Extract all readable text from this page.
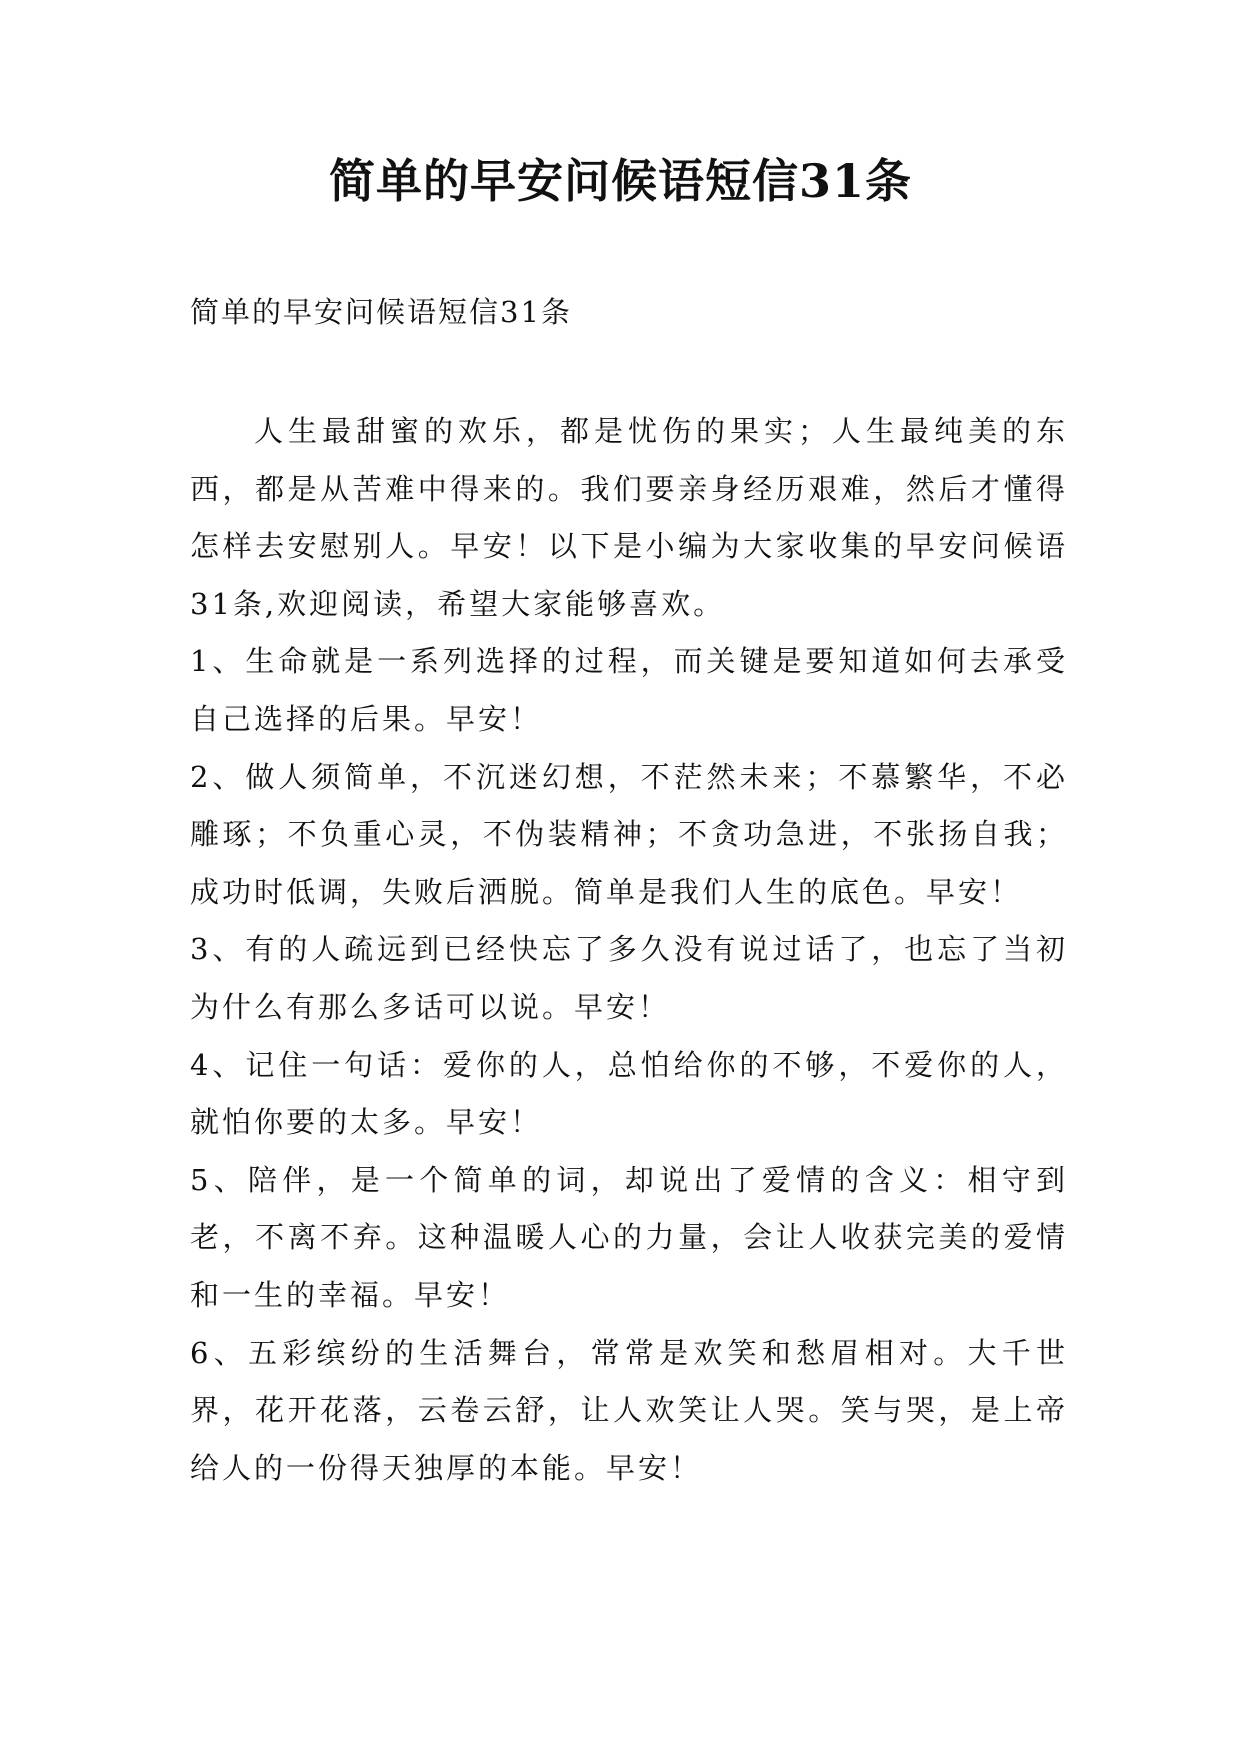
简单的早安问候语短信31条

简单的早安问候语短信31条

人生最甜蜜的欢乐，都是忧伤的果实；人生最纯美的东西，都是从苦难中得来的。我们要亲身经历艰难，然后才懂得怎样去安慰别人。早安！以下是小编为大家收集的早安问候语31条,欢迎阅读，希望大家能够喜欢。

1、生命就是一系列选择的过程，而关键是要知道如何去承受自己选择的后果。早安！

2、做人须简单，不沉迷幻想，不茫然未来；不慕繁华，不必雕琢；不负重心灵，不伪装精神；不贪功急进，不张扬自我；成功时低调，失败后洒脱。简单是我们人生的底色。早安！

3、有的人疏远到已经快忘了多久没有说过话了，也忘了当初为什么有那么多话可以说。早安！

4、记住一句话：爱你的人，总怕给你的不够，不爱你的人，就怕你要的太多。早安！

5、陪伴，是一个简单的词，却说出了爱情的含义：相守到老，不离不弃。这种温暖人心的力量，会让人收获完美的爱情和一生的幸福。早安！

6、五彩缤纷的生活舞台，常常是欢笑和愁眉相对。大千世界，花开花落，云卷云舒，让人欢笑让人哭。笑与哭，是上帝给人的一份得天独厚的本能。早安！
